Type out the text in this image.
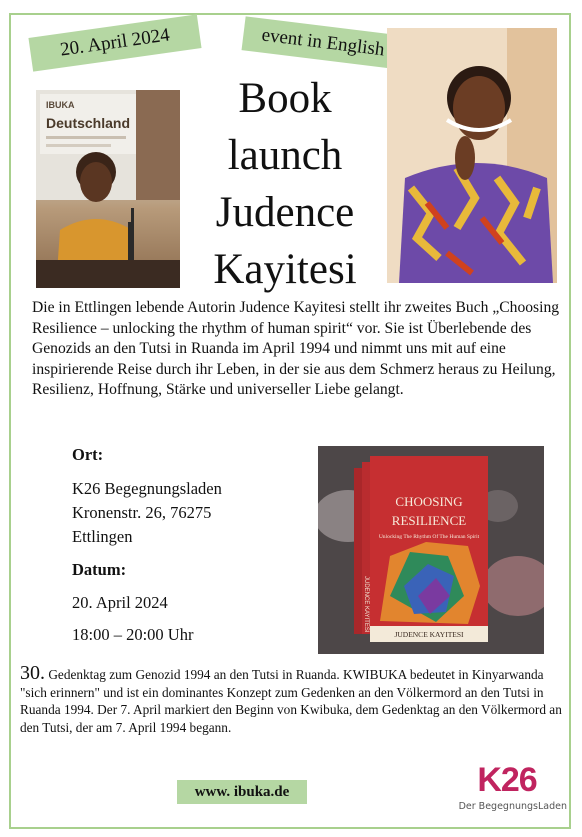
20. April 2024	event in English
IBUKA
Deutschland
Book
launch
Judence
Kayitesi
Die in Ettlingen lebende Autorin Judence Kayitesi stellt ihr zweites Buch „Choosing Resilience – unlocking the rhythm of human spirit“ vor. Sie ist Überlebende des Genozids an den Tutsi in Ruanda im April 1994 und nimmt uns mit auf eine inspirierende Reise durch ihr Leben, in der sie aus dem Schmerz heraus zu Heilung, Resilienz, Hoffnung, Stärke und universeller Liebe gelangt.
Ort:
K26 Begegnungsladen
Kronenstr. 26, 76275
Ettlingen
Datum:
20. April 2024
18:00 – 20:00 Uhr
JUDENCE KAYITESI
CHOOSING
RESILIENCE
Unlocking The Rhythm Of The Human Spirit
JUDENCE KAYITESI
30. Gedenktag zum Genozid 1994 an den Tutsi in Ruanda. KWIBUKA bedeutet in Kinyarwanda "sich erinnern" und ist ein dominantes Konzept zum Gedenken an den Völkermord an den Tutsi in Ruanda 1994. Der 7. April markiert den Beginn von Kwibuka, dem Gedenktag an den Völkermord an den Tutsi, der am 7. April 1994 begann.
www. ibuka.de	K26
Der BegegnungsLaden
